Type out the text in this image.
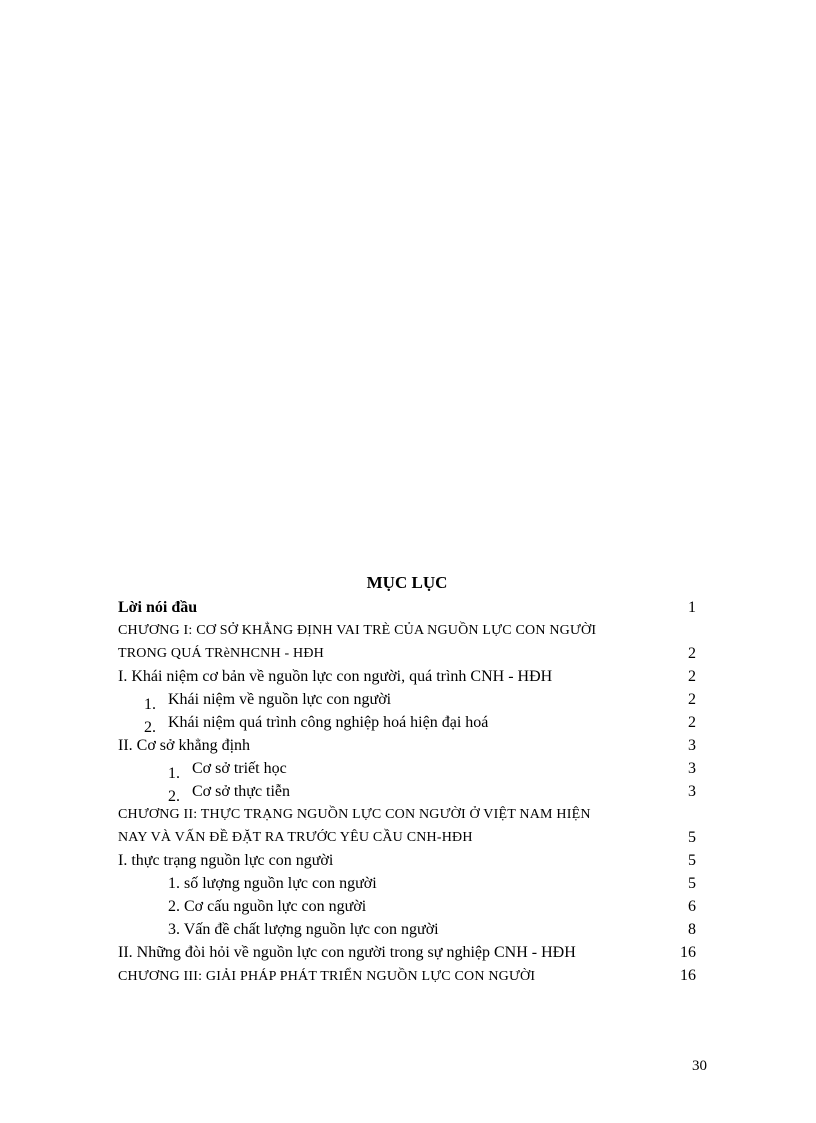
MỤC LỤC
Lời nói đầu	1
CHƯƠNG I: CƠ SỞ KHẲNG ĐỊNH VAI TRÈ CỦA NGUỒN LỰC CON NGƯỜI
TRONG QUÁ TRèNHCNH - HĐH	2
I. Khái niệm cơ bản về nguồn lực con người, quá trình CNH - HĐH	2
1. Khái niệm về nguồn lực con người	2
2. Khái niệm quá trình công nghiệp hoá hiện đại hoá	2
II. Cơ sở khẳng định	3
1. Cơ sở triết học	3
2. Cơ sở thực tiễn	3
CHƯƠNG II: THỰC TRẠNG NGUỒN LỰC CON NGƯỜI Ở VIỆT NAM HIỆN
NAY VÀ VẤN ĐỀ ĐẶT RA TRƯỚC YÊU CẦU CNH-HĐH	5
I. thực trạng nguồn lực con người	5
1. số lượng nguồn lực con người	5
2. Cơ cấu nguồn lực con người	6
3. Vấn đề chất lượng nguồn lực con người	8
II. Những đòi hỏi về nguồn lực con người trong sự nghiệp CNH - HĐH	16
CHƯƠNG III: GIẢI PHÁP PHÁT TRIỂN NGUỒN LỰC CON NGƯỜI	16
30
